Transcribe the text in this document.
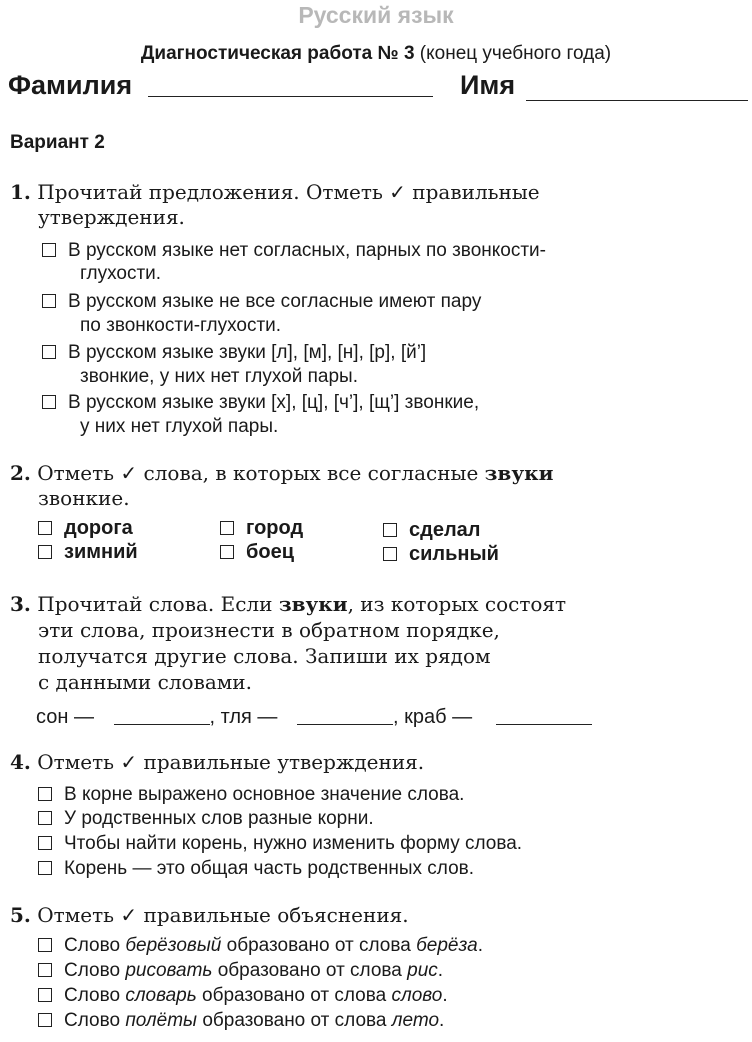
Русский язык
Диагностическая работа № 3 (конец учебного года)
Фамилия	Имя
Вариант 2
1. Прочитай предложения. Отметь ✓ правильные
утверждения.
В русском языке нет согласных, парных по звонкости-
глухости.
В русском языке не все согласные имеют пару
по звонкости-глухости.
В русском языке звуки [л], [м], [н], [р], [й’]
звонкие, у них нет глухой пары.
В русском языке звуки [х], [ц], [ч’], [щ’] звонкие,
у них нет глухой пары.
2. Отметь ✓ слова, в которых все согласные звуки
звонкие.
дорога	город	сделал
зимний	боец	сильный
3. Прочитай слова. Если звуки, из которых состоят
эти слова, произнести в обратном порядке,
получатся другие слова. Запиши их рядом
с данными словами.
сон —	, тля —	, краб —
4. Отметь ✓ правильные утверждения.
В корне выражено основное значение слова.
У родственных слов разные корни.
Чтобы найти корень, нужно изменить форму слова.
Корень — это общая часть родственных слов.
5. Отметь ✓ правильные объяснения.
Слово берёзовый образовано от слова берёза.
Слово рисовать образовано от слова рис.
Слово словарь образовано от слова слово.
Слово полёты образовано от слова лето.
